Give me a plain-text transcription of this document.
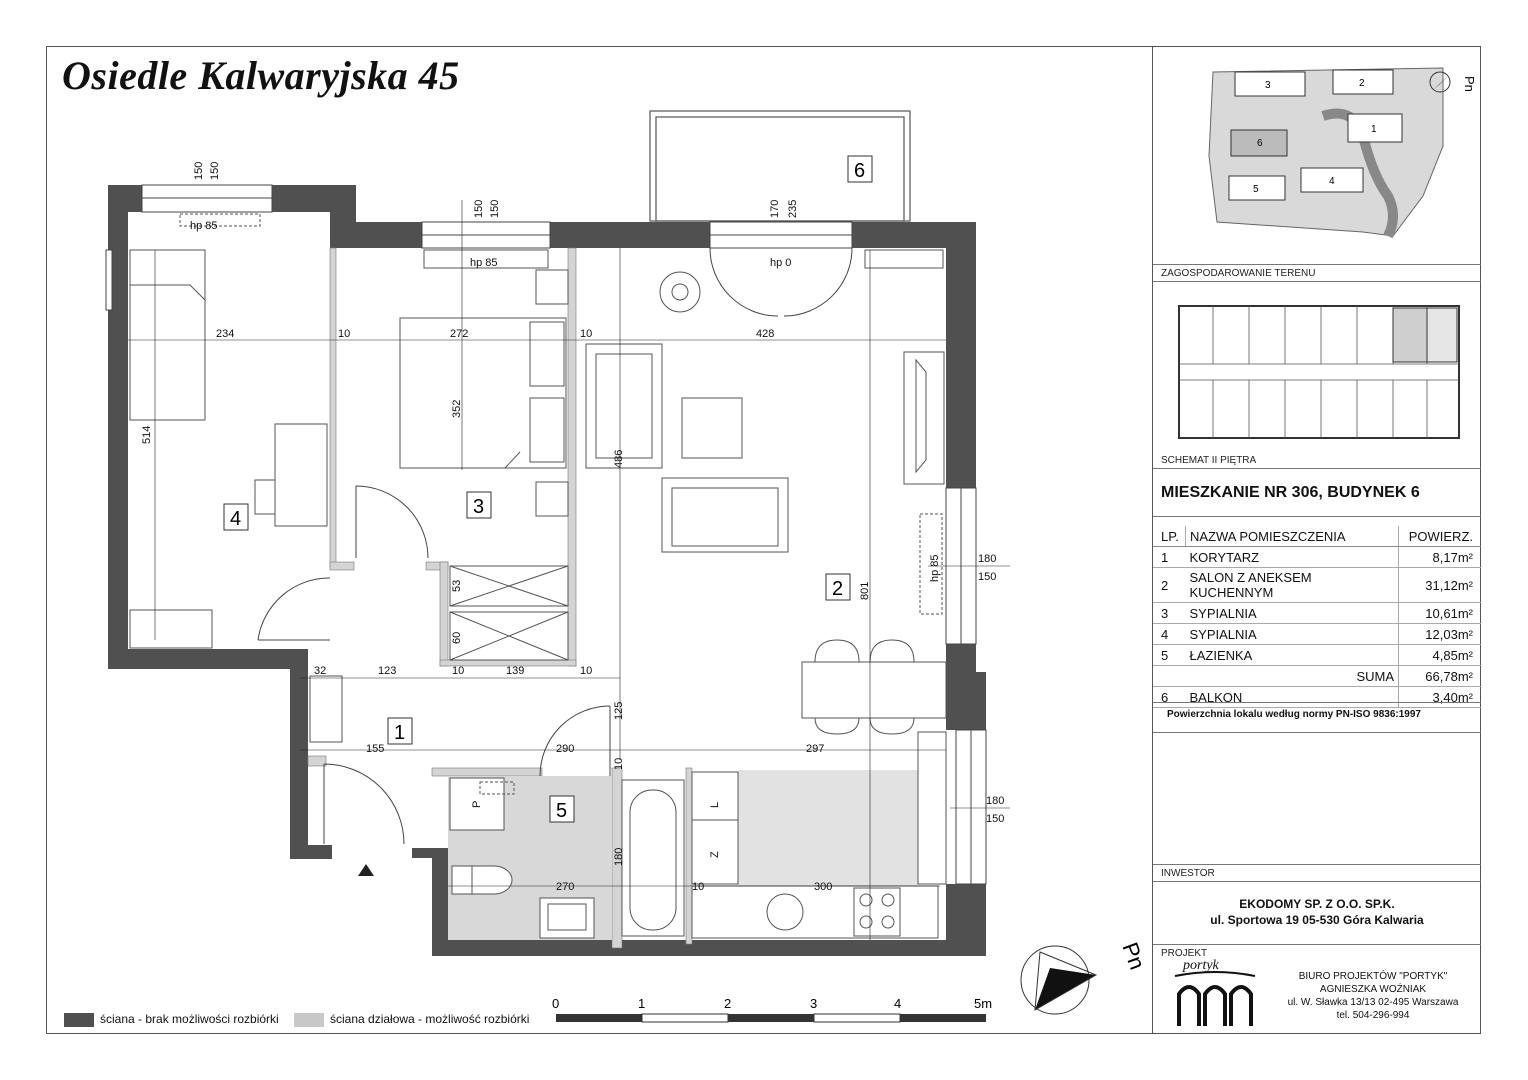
Osiedle Kalwaryjska 45
150 150
150 150	170 235
hp 85
hp 85	hp 0
hp 85
234	10	272	10	428
514
352
486
801
32	123	10	139	10
155	290	297
125
10
53
60
270	10	300
180
180
150
180
150
P	L
Z
1
2
3
4
5
6
Pn
0	1	2	3	4	5m
ściana - brak możliwości rozbiórki	ściana działowa - możliwość rozbiórki
3	2
1
6
4
5
Pn
ZAGOSPODAROWANIE TERENU
SCHEMAT II PIĘTRA
MIESZKANIE NR 306, BUDYNEK 6
LP.	NAZWA POMIESZCZENIA	POWIERZ.
1	KORYTARZ	8,17m²
2	SALON Z ANEKSEM KUCHENNYM	31,12m²
3	SYPIALNIA	10,61m²
4	SYPIALNIA	12,03m²
5	ŁAZIENKA	4,85m²
	SUMA	66,78m²
6	BALKON	3,40m²
Powierzchnia lokalu według normy PN-ISO 9836:1997
INWESTOR
EKODOMY SP. Z O.O. SP.K.
ul. Sportowa 19 05-530 Góra Kalwaria
PROJEKT
portyk
BIURO PROJEKTÓW "PORTYK"
AGNIESZKA WOŹNIAK
ul. W. Sławka 13/13 02-495 Warszawa
tel. 504-296-994
